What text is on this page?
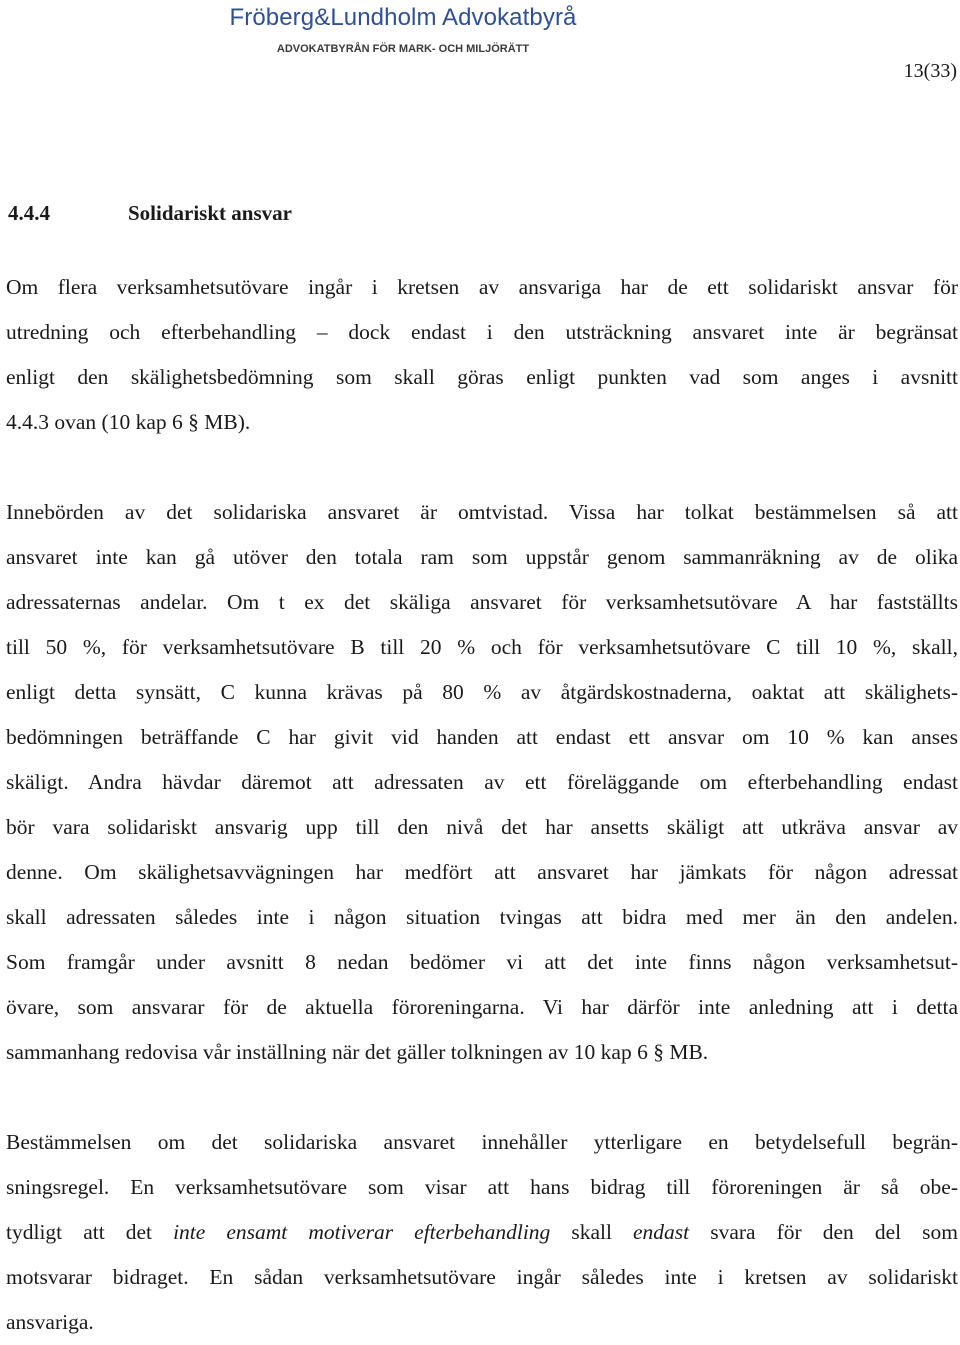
Fröberg&Lundholm Advokatbyrå
ADVOKATBYRÅN FÖR MARK- OCH MILJÖRÄTT
13(33)
4.4.4	Solidariskt ansvar
Om flera verksamhetsutövare ingår i kretsen av ansvariga har de ett solidariskt ansvar för
utredning och efterbehandling – dock endast i den utsträckning ansvaret inte är begränsat
enligt den skälighetsbedömning som skall göras enligt punkten vad som anges i avsnitt
4.4.3 ovan (10 kap 6 § MB).
Innebörden av det solidariska ansvaret är omtvistad. Vissa har tolkat bestämmelsen så att
ansvaret inte kan gå utöver den totala ram som uppstår genom sammanräkning av de olika
adressaternas andelar. Om t ex det skäliga ansvaret för verksamhetsutövare A har fastställts
till 50 %, för verksamhetsutövare B till 20 % och för verksamhetsutövare C till 10 %, skall,
enligt detta synsätt, C kunna krävas på 80 % av åtgärdskostnaderna, oaktat att skälighets-
bedömningen beträffande C har givit vid handen att endast ett ansvar om 10 % kan anses
skäligt. Andra hävdar däremot att adressaten av ett föreläggande om efterbehandling endast
bör vara solidariskt ansvarig upp till den nivå det har ansetts skäligt att utkräva ansvar av
denne. Om skälighetsavvägningen har medfört att ansvaret har jämkats för någon adressat
skall adressaten således inte i någon situation tvingas att bidra med mer än den andelen.
Som framgår under avsnitt 8 nedan bedömer vi att det inte finns någon verksamhetsut-
övare, som ansvarar för de aktuella föroreningarna. Vi har därför inte anledning att i detta
sammanhang redovisa vår inställning när det gäller tolkningen av 10 kap 6 § MB.
Bestämmelsen om det solidariska ansvaret innehåller ytterligare en betydelsefull begrän-
sningsregel. En verksamhetsutövare som visar att hans bidrag till föroreningen är så obe-
tydligt att det inte ensamt motiverar efterbehandling skall endast svara för den del som
motsvarar bidraget. En sådan verksamhetsutövare ingår således inte i kretsen av solidariskt
ansvariga.
